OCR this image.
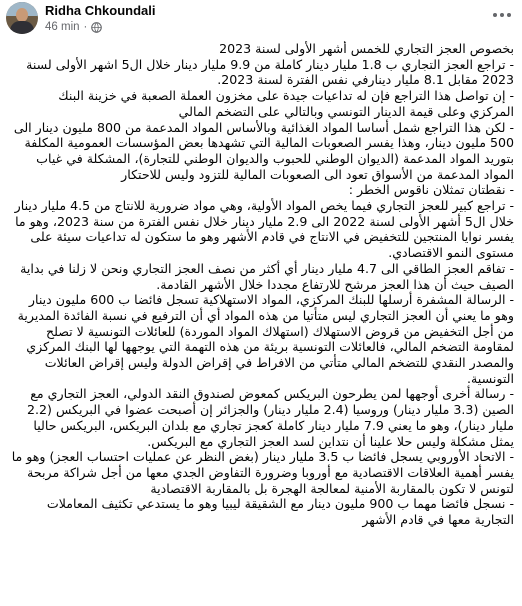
Ridha Chkoundali
46 min ·

بخصوص العجز التجاري للخمس أشهر الأولى لسنة 2023

- تراجع العجز التجاري ب 1.8 مليار دينار كاملة من 9.9 مليار دينار خلال ال5 اشهر الأولى لسنة 2023 مقابل 8.1 مليار دينارفي نفس الفترة لسنة 2023.

- إن تواصل هذا التراجع فإن له تداعيات جيدة على مخزون العملة الصعبة في خزينة البنك المركزي وعلى قيمة الدينار التونسي وبالتالي على التضخم المالي

- لكن هذا التراجع شمل أساسا المواد الغذائية وبالأساس المواد المدعمة من 800 مليون دينار الى 500 مليون دينار، وهذا يفسر الصعوبات المالية التي تشهدها بعض المؤسسات العمومية المكلفة بتوريد المواد المدعمة (الديوان الوطني للحبوب والديوان الوطني للتجارة)، المشكلة في غياب المواد المدعمة من الأسواق تعود الى الصعوبات المالية للتزود وليس للاحتكار

- نقطتان تمثلان ناقوس الخطر :

- تراجع كبير للعجز التجاري فيما يخص المواد الأولية، وهي مواد ضرورية للانتاج من 4.5 مليار دينار خلال ال5 أشهر الأولى لسنة 2022 الى 2.9 مليار دينار خلال نفس الفترة من سنة 2023، وهو ما يفسر نوايا المنتجين للتخفيض في الانتاج في قادم الأشهر وهو ما ستكون له تداعيات سيئة على مستوى النمو الاقتصادي.

- تفاقم العجز الطاقي الى 4.7 مليار دينار أي أكثر من نصف العجز التجاري ونحن لا زلنا في بداية الصيف حيث أن هذا العجز مرشح للارتفاع مجددا خلال الأشهر القادمة.

- الرسالة المشفرة أرسلها للبنك المركزي، المواد الاستهلاكية تسجل فائضا ب 600 مليون دينار وهو ما يعني أن العجز التجاري ليس متأتيا من هذه المواد أي أن الترفيع في نسبة الفائدة المديرية من أجل التخفيض من قروض الاستهلاك (استهلاك المواد الموردة) للعائلات التونسية لا تصلح لمقاومة التضخم المالي، فالعائلات التونسية بريئة من هذه التهمة التي يوجهها لها البنك المركزي والمصدر النقدي للتضخم المالي متأتي من الافراط في إقراض الدولة وليس إقراض العائلات التونسية.

- رسالة أخرى أوجهها لمن يطرحون البريكس كمعوض لصندوق النقد الدولي، العجز التجاري مع الصين (3.3 مليار دينار) وروسيا (2.4 مليار دينار) والجزائر إن أصبحت عضوا في البريكس (2.2 مليار دينار)، وهو ما يعني 7.9 مليار دينار كاملة كعجز تجاري مع بلدان البريكس، البريكس حاليا يمثل مشكلة وليس حلا علينا أن نتداين لسد العجز التجاري مع البريكس.

- الاتحاد الأوروبي يسجل فائضا ب 3.5 مليار دينار (بغض النظر عن عمليات احتساب العجز) وهو ما يفسر أهمية العلاقات الاقتصادية مع أوروبا وضرورة التفاوض الجدي معها من أجل شراكة مربحة لتونس لا تكون بالمقاربة الأمنية لمعالجة الهجرة بل بالمقاربة الاقتصادية

- نسجل فائضا مهما ب 900 مليون دينار مع الشقيقة ليبيا وهو ما يستدعي تكثيف المعاملات التجارية معها في قادم الأشهر
